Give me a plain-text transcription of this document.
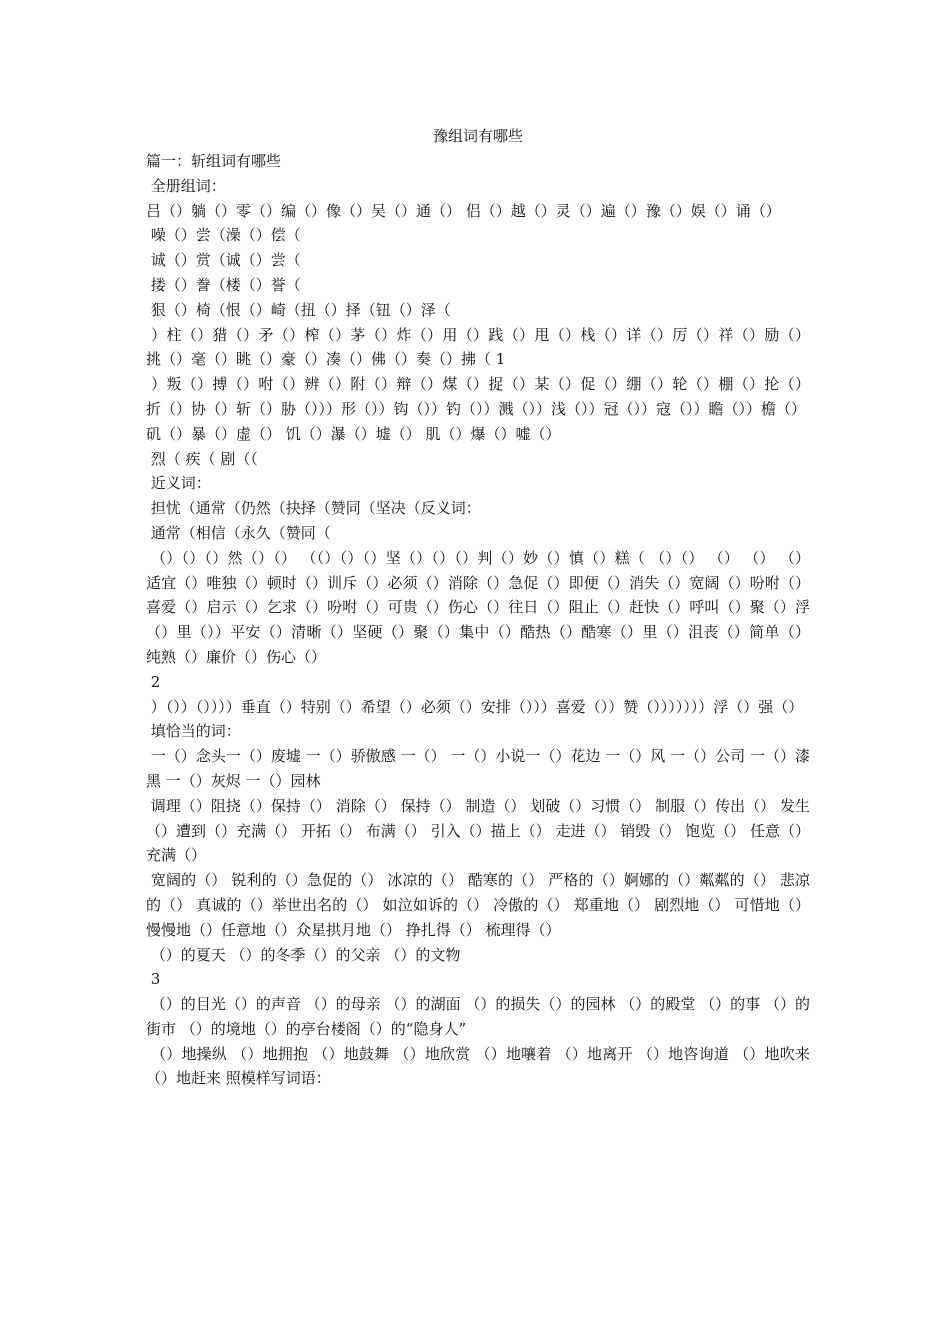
豫组词有哪些

篇一：斩组词有哪些

全册组词：

吕（）躺（）零（）编（）像（）吴（）通（） 侣（）越（）灵（）遍（）豫（）娱（）诵（）

噪（）尝（澡（）偿（

诚（）赏（诚（）尝（

搂（）誊（楼（）誉（

狠（）椅（恨（）崎（扭（）择（钮（）泽（

）柱（）猎（）矛（）榨（）茅（）炸（）用（）践（）甩（）栈（）详（）厉（）祥（）励（）挑（）毫（）眺（）豪（）凑（）佛（）奏（）拂（ 1

）叛（）搏（）咐（）辨（）附（）辩（）煤（）捉（）某（）促（）绷（）轮（）棚（）抡（）折（）协（）斩（）胁（）））形（））钩（））钓（））溅（））浅（））冠（））寇（））瞻（））檐（）

矶（）暴（）虚（） 饥（）瀑（）墟（） 肌（）爆（）嘘（）

烈（ 疾（ 剧（（

近义词：

担忧（通常（仍然（抉择（赞同（坚决（反义词：

通常（相信（永久（赞同（

（）（）（）然（）（） （（）（）（）坚（）（）（）判（）妙（）慎（）糕（ （）（） （） （） （）适宜（）唯独（）顿时（）训斥（）必须（）消除（）急促（）即便（）消失（）宽阔（）吩咐（）喜爱（）启示（）乞求（）吩咐（）可贵（）伤心（）往日（）阻止（）赶快（）呼叫（）聚（）浮（）里（））平安（）清晰（）坚硬（）聚（）集中（）酷热（）酷寒（）里（）沮丧（）简单（）纯熟（）廉价（）伤心（）

2

）（））（））））垂直（）特别（）希望（）必须（）安排（）））喜爱（））赞（）））））））浮（）强（）

填恰当的词：

一（）念头一（）废墟 一（）骄傲感 一（） 一（）小说一（）花边 一（）风 一（）公司 一（）漆黑 一（）灰烬 一（）园林

调理（）阻挠（）保持（） 消除（） 保持（） 制造（） 划破（）习惯（） 制服（）传出（） 发生（）遭到（）充满（） 开拓（） 布满（） 引入（）描上（） 走进（） 销毁（） 饱览（） 任意（） 充满（）

宽阔的（） 锐利的（）急促的（） 冰凉的（） 酷寒的（） 严格的（）婀娜的（）粼粼的（） 悲凉的（） 真诚的（）举世出名的（） 如泣如诉的（） 冷傲的（） 郑重地（） 剧烈地（） 可惜地（） 慢慢地（）任意地（）众星拱月地（） 挣扎得（） 梳理得（）

（）的夏天 （）的冬季（）的父亲 （）的文物

3

（）的目光（）的声音 （）的母亲 （）的湖面 （）的损失（）的园林 （）的殿堂 （）的事 （）的街市 （）的境地（）的亭台楼阁（）的“隐身人”

（）地操纵 （）地拥抱 （）地鼓舞 （）地欣赏 （）地嚷着 （）地离开 （）地咨询道 （）地吹来 （）地赶来 照模样写词语：
